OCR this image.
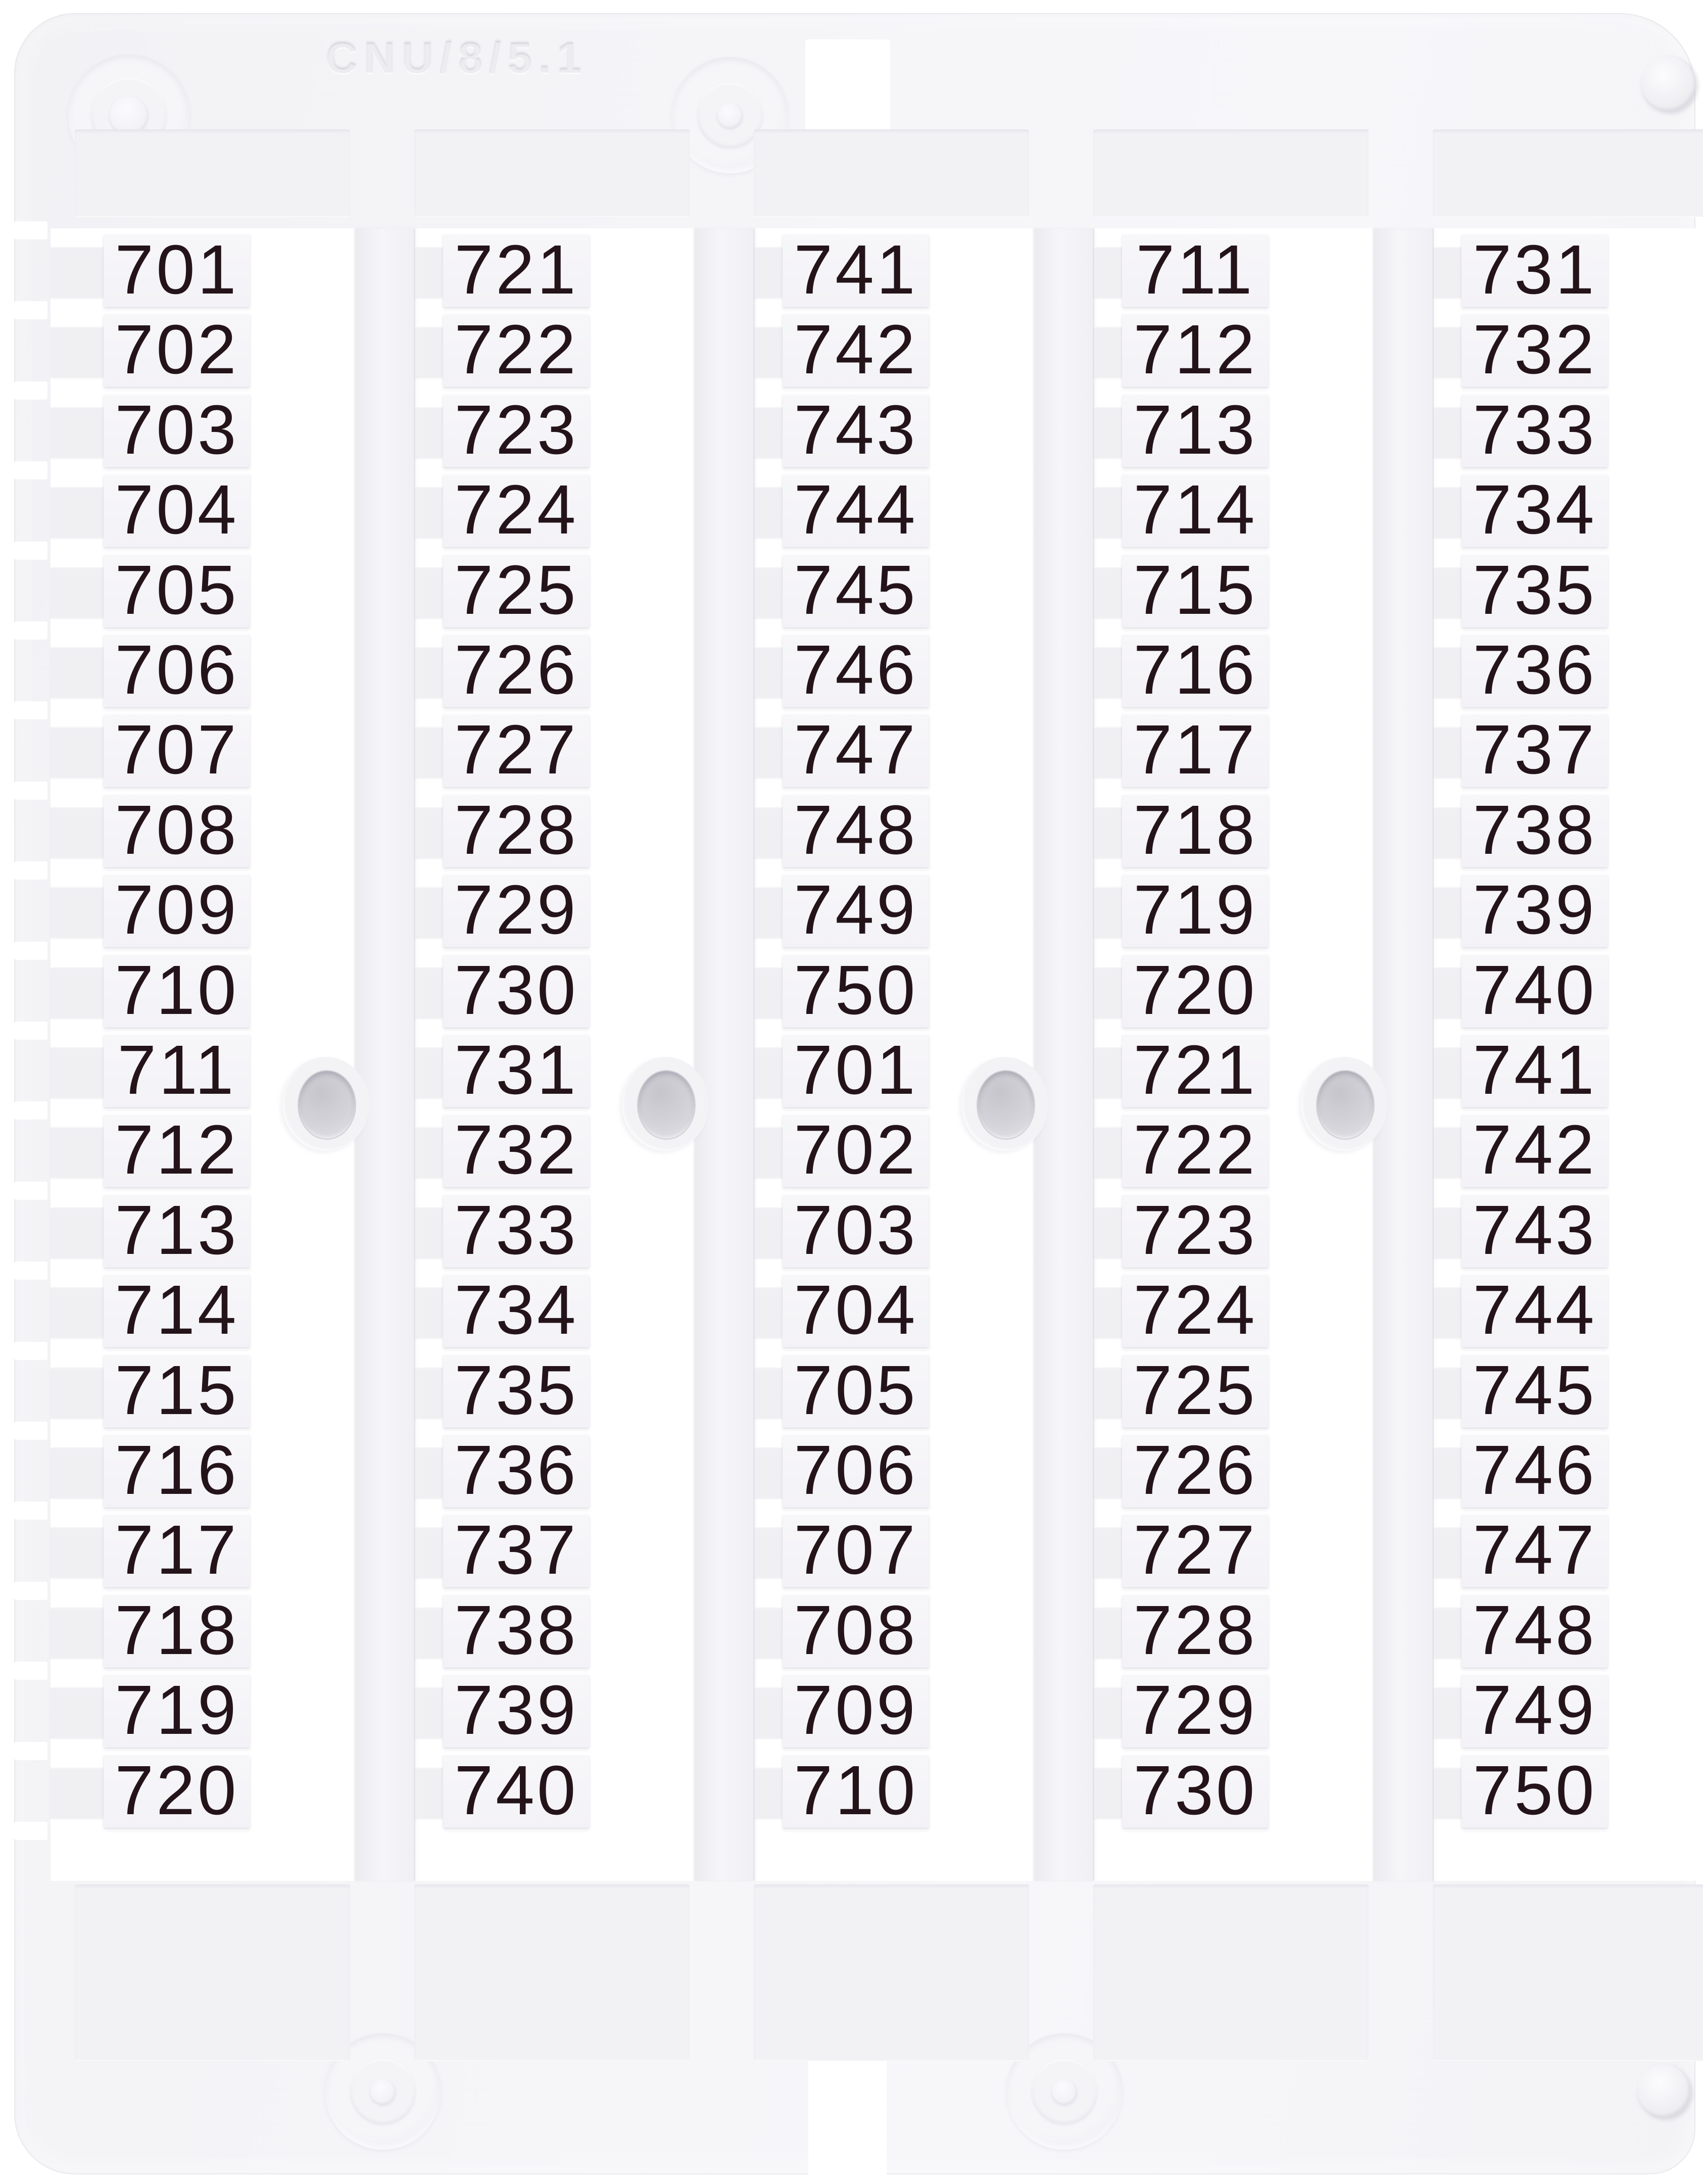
CNU/8/5.1
701
702
703
704
705
706
707
708
709
710
711
712
713
714
715
716
717
718
719
720
721
722
723
724
725
726
727
728
729
730
731
732
733
734
735
736
737
738
739
740
741
742
743
744
745
746
747
748
749
750
701
702
703
704
705
706
707
708
709
710
711
712
713
714
715
716
717
718
719
720
721
722
723
724
725
726
727
728
729
730
731
732
733
734
735
736
737
738
739
740
741
742
743
744
745
746
747
748
749
750
